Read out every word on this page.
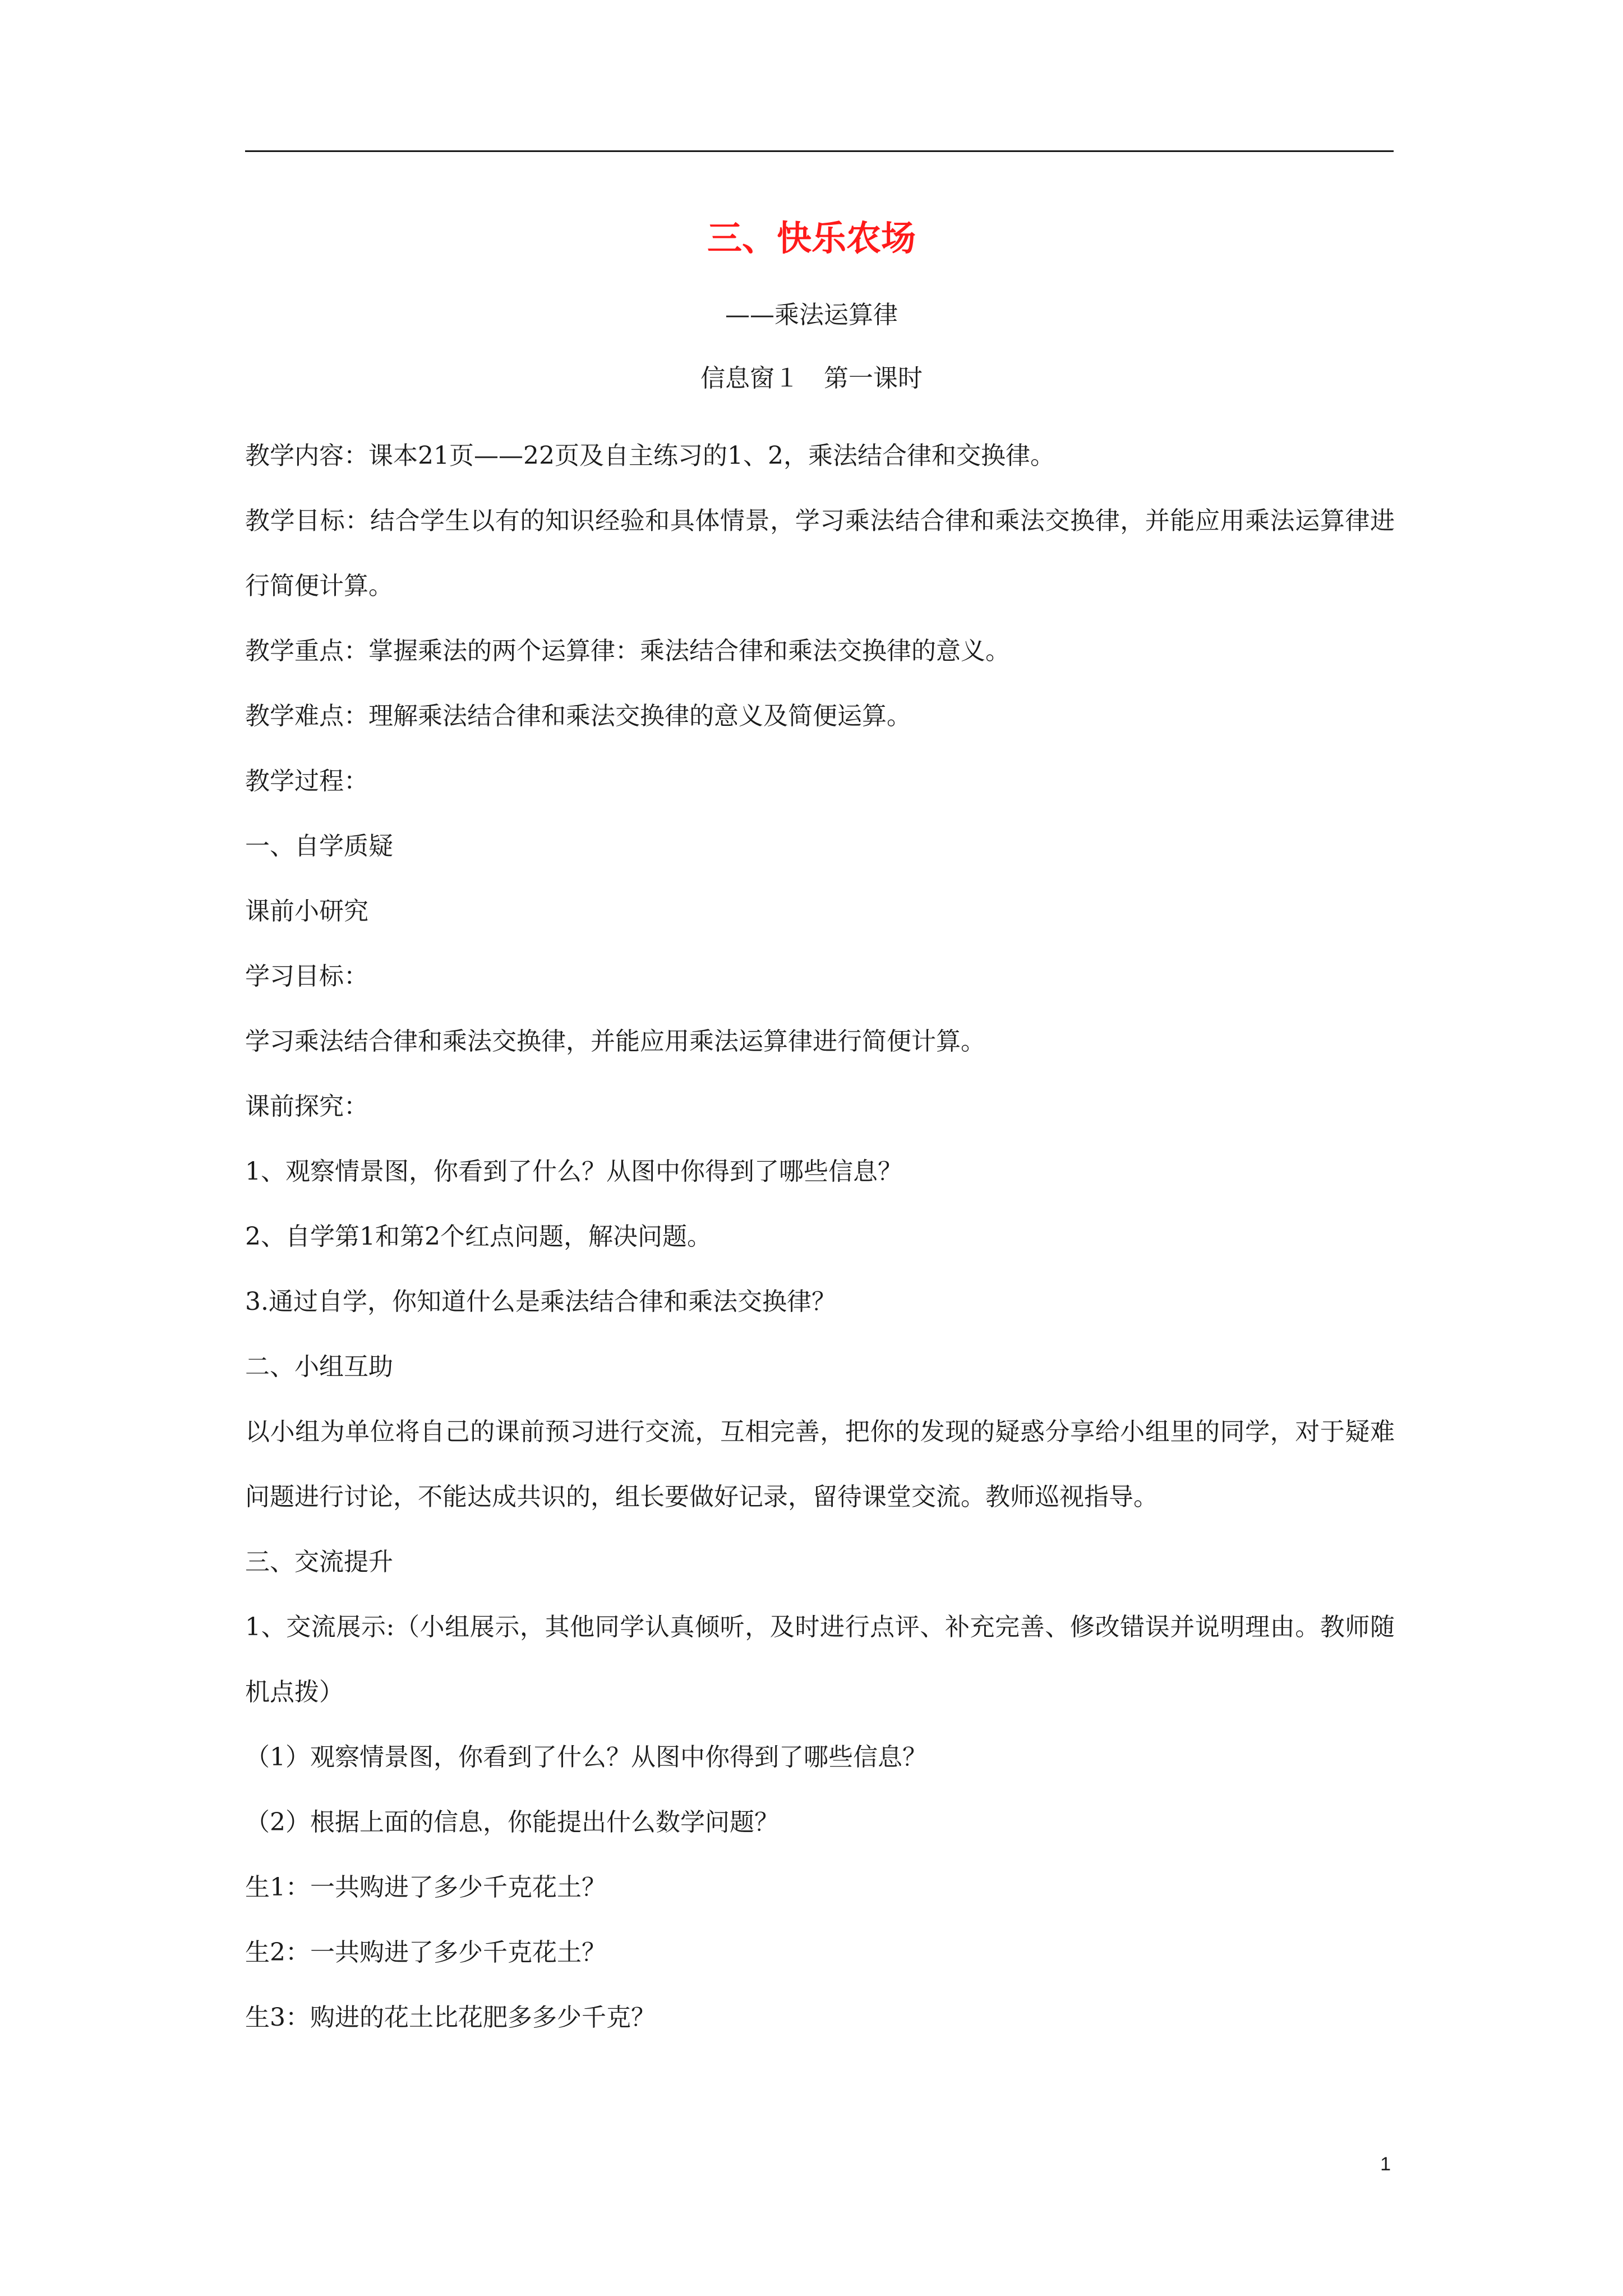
三、快乐农场

——乘法运算律

信息窗１　第一课时

教学内容：课本21页——22页及自主练习的1、2，乘法结合律和交换律。

教学目标：结合学生以有的知识经验和具体情景，学习乘法结合律和乘法交换律，并能应用乘法运算律进行简便计算。

教学重点：掌握乘法的两个运算律：乘法结合律和乘法交换律的意义。

教学难点：理解乘法结合律和乘法交换律的意义及简便运算。

教学过程：

一、自学质疑

课前小研究

学习目标：

学习乘法结合律和乘法交换律，并能应用乘法运算律进行简便计算。

课前探究：

1、观察情景图，你看到了什么？从图中你得到了哪些信息？

2、自学第1和第2个红点问题，解决问题。

3.通过自学，你知道什么是乘法结合律和乘法交换律？

二、小组互助

以小组为单位将自己的课前预习进行交流，互相完善，把你的发现的疑惑分享给小组里的同学，对于疑难问题进行讨论，不能达成共识的，组长要做好记录，留待课堂交流。教师巡视指导。

三、交流提升

1、交流展示:（小组展示，其他同学认真倾听，及时进行点评、补充完善、修改错误并说明理由。教师随机点拨）

（1）观察情景图，你看到了什么？从图中你得到了哪些信息？

（2）根据上面的信息，你能提出什么数学问题？

生1：一共购进了多少千克花土？

生2：一共购进了多少千克花土？

生3：购进的花土比花肥多多少千克？

1
